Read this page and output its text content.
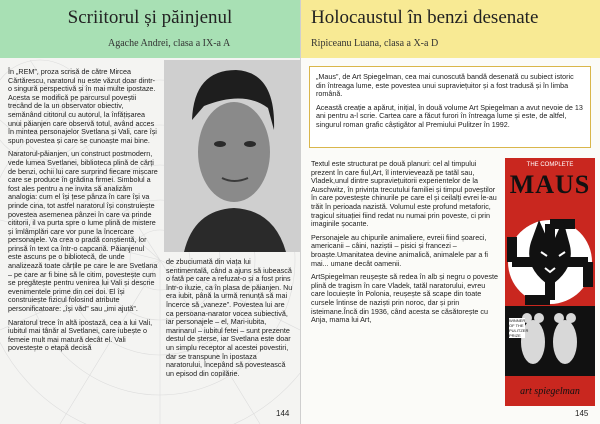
Scriitorul și păinjenul
Agache Andrei, clasa a IX-a A

În „REM”, proza scrisă de către Mircea Cărtărescu, naratorul nu este văzut doar dintr-o singură perspectivă și în mai multe ipostaze. Acesta se modifică pe parcursul poveștii trecând de la un observator obiectiv, semănând cititorul cu autorul, la înfățișarea unui păianjen care observă totul, având acces în mintea personajelor Svetlana și Vali, care își spun povestea și care se cunoaște mai bine.

Naratorul-păianjen, un construct postmodern, vede lumea Svetlanei, biblioteca plină de cărți de benzi, ochii lui care surprind fiecare mișcare care se produce în grădina firmei. Simbolul a fost ales pentru a ne invita să analizăm analogia: cum el își țese pânza în care își va prinde cina, tot astfel naratorul își construiește povestea asemenea pânzei în care va prinde cititorii, il va purta spre o lume plină de mistere și îmlâmplări care vor pune la încercare personajele. Va crea o pradă conștientă, lor prinsă în text ca într-o capcană. Păianjenul este ascuns pe o bibliotecă, de unde analizează toate cărțile pe care le are Svetlana – pe care ar fi bine să le citim, povestește cum se pregătește pentru venirea lui Vali și descrie evenimentele prime din cei doi. El își construiește fizicul folosind atribute personificatoare: „își văd” sau „imi ajută”.

Naratorul trece în altă ipostază, cea a lui Vali, iubitul mai tânăr al Svetlanei, care iubește o femeie mult mai matură decât el. Vali povestește o etapă decisă

de zbuciumată din viața lui sentimentală, când a ajuns să iubească o fată pe care a refuzat-o și a fost prins într-o iluzie, ca în plasa de păianjen. Nu era iubit, până la urmă renunță să mai încerce să „vaneze”. Povestea lui are ca persoana-narator vocea subiectivă, iar personajele – el, Mari-iubita, marinarul – iubitul fetei – sunt prezente destul de șterse, iar Svetlana este doar un simplu receptor al acestei povestiri, dar se transpune în ipostaza naratorului, începând să povestească un episod din copilărie.

144
Holocaustul în benzi desenate
Ripiceanu Luana, clasa a X-a D

„Maus”, de Art Spiegelman, cea mai cunoscută bandă desenată cu subiect istoric din întreaga lume, este povestea unui supraviețuitor și a fost tradusă și în limba română.

Această creație a apărut, inițial, în două volume Art Spiegelman a avut nevoie de 13 ani pentru a-l scrie. Cartea care a făcut furori în întreaga lume și este, de altfel, singurul roman grafic câștigător al Premiului Pulitzer în 1992.

Textul este structurat pe două planuri: cel al timpului prezent în care fiul,Art, îl intervievează pe tatăl sau, Vladek,unul dintre supraviețuitorii experientelor de la Auschwitz, în privința trecutului familiei și timpul poveștilor în care povestește chinurile pe care el și ceilalți evrei le-au trăit în perioada nazistă. Volumul este profund metaforic, tragicul situației fiind redat nu numai prin poveste, ci prin imaginile șocante.

Personajele au chipurile animaliere, evreii fiind șoareci, americanii – câini, naziștii – pisici și francezi – broaște.Umanitatea devine animalică, animalele par a fi mai... umane decât oamenii.

ArtSpiegelman reușește să redea în alb și negru o poveste plină de tragism în care Vladek, tatăl naratorului, evreu care locuiește în Polonia, reușește să scape din toate cursele întinse de naziști prin noroc, dar și prin isteimane.Încă din 1936, când acesta se căsătorește cu Anja, mama lui Art,

THE COMPLETE
MAUS
WINNER OF THE PULITZER PRIZE
art spiegelman
145
